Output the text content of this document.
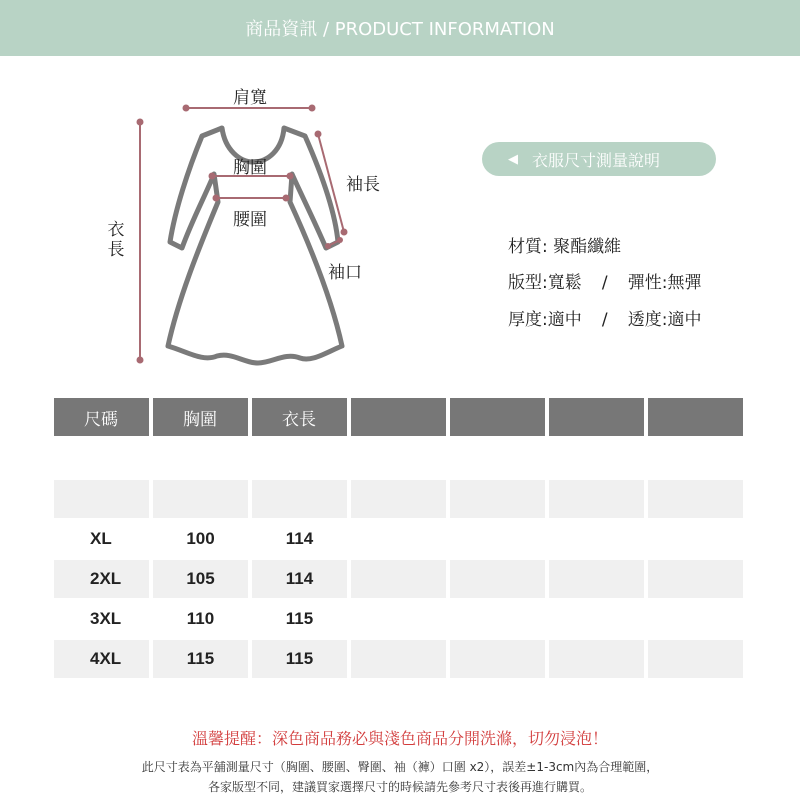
商品資訊 / PRODUCT INFORMATION
肩寬
胸圍
腰圍
袖長
袖口
衣長
◀ 衣服尺寸測量說明
材質: 聚酯纖維
版型:寬鬆 / 彈性:無彈
厚度:適中 / 透度:適中
尺碼	胸圍	衣長
XL	100	114
2XL	105	114
3XL	110	115
4XL	115	115
溫馨提醒：深色商品務必與淺色商品分開洗滌，切勿浸泡！
此尺寸表為平舖測量尺寸（胸圍、腰圍、臀圍、袖（褲）口圍 x2），誤差±1-3cm內為合理範圍，
各家版型不同，建議買家選擇尺寸的時候請先參考尺寸表後再進行購買。
